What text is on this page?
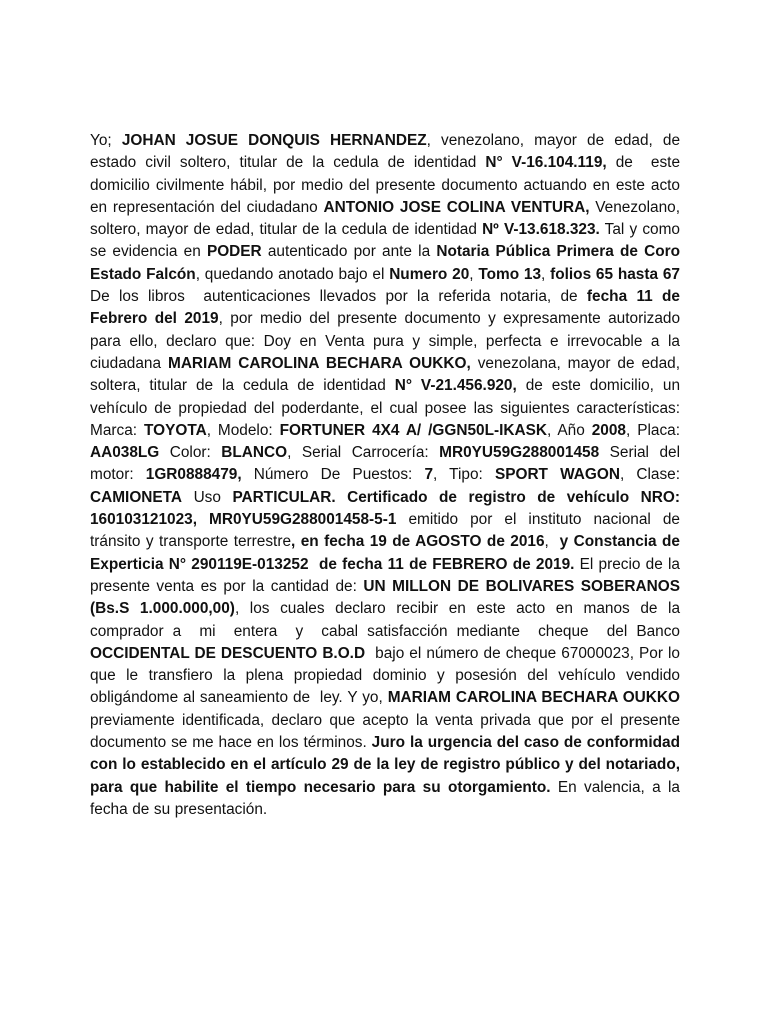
Yo; JOHAN JOSUE DONQUIS HERNANDEZ, venezolano, mayor de edad, de estado civil soltero, titular de la cedula de identidad N° V-16.104.119, de  este domicilio civilmente hábil, por medio del presente documento actuando en este acto en representación del ciudadano ANTONIO JOSE COLINA VENTURA, Venezolano,  soltero, mayor de edad, titular de la cedula de identidad Nº V-13.618.323. Tal y como se evidencia en PODER autenticado por ante la Notaria Pública Primera de Coro Estado Falcón, quedando anotado bajo el Numero 20, Tomo 13, folios 65 hasta 67 De los libros  autenticaciones llevados por la referida notaria, de fecha 11 de Febrero del 2019, por medio del presente documento y expresamente autorizado para ello, declaro que: Doy en Venta pura y simple, perfecta e irrevocable a la ciudadana MARIAM CAROLINA BECHARA OUKKO, venezolana, mayor de edad, soltera, titular de la cedula de identidad N° V-21.456.920, de este domicilio, un vehículo de propiedad del poderdante, el cual posee las siguientes características: Marca: TOYOTA, Modelo: FORTUNER 4X4 A/ /GGN50L-IKASK, Año 2008, Placa: AA038LG Color: BLANCO, Serial Carrocería: MR0YU59G288001458 Serial del motor: 1GR0888479, Número De Puestos: 7, Tipo: SPORT WAGON, Clase: CAMIONETA Uso PARTICULAR. Certificado de registro de vehículo NRO: 160103121023, MR0YU59G288001458-5-1 emitido por el instituto nacional de tránsito y transporte terrestre, en fecha 19 de AGOSTO de 2016,  y Constancia de Experticia N° 290119E-013252  de fecha 11 de FEBRERO de 2019. El precio de la presente venta es por la cantidad de: UN MILLON DE BOLIVARES SOBERANOS (Bs.S 1.000.000,00), los cuales declaro recibir en este acto en manos de la comprador a  mi  entera  y  cabal satisfacción mediante  cheque  del Banco OCCIDENTAL DE DESCUENTO B.O.D  bajo el número de cheque 67000023, Por lo que le transfiero la plena propiedad dominio y posesión del vehículo vendido obligándome al saneamiento de  ley. Y yo, MARIAM CAROLINA BECHARA OUKKO previamente identificada, declaro que acepto la venta privada que por el presente documento se me hace en los términos. Juro la urgencia del caso de conformidad con lo establecido en el artículo 29 de la ley de registro público y del notariado, para que habilite el tiempo necesario para su otorgamiento. En valencia, a la fecha de su presentación.
